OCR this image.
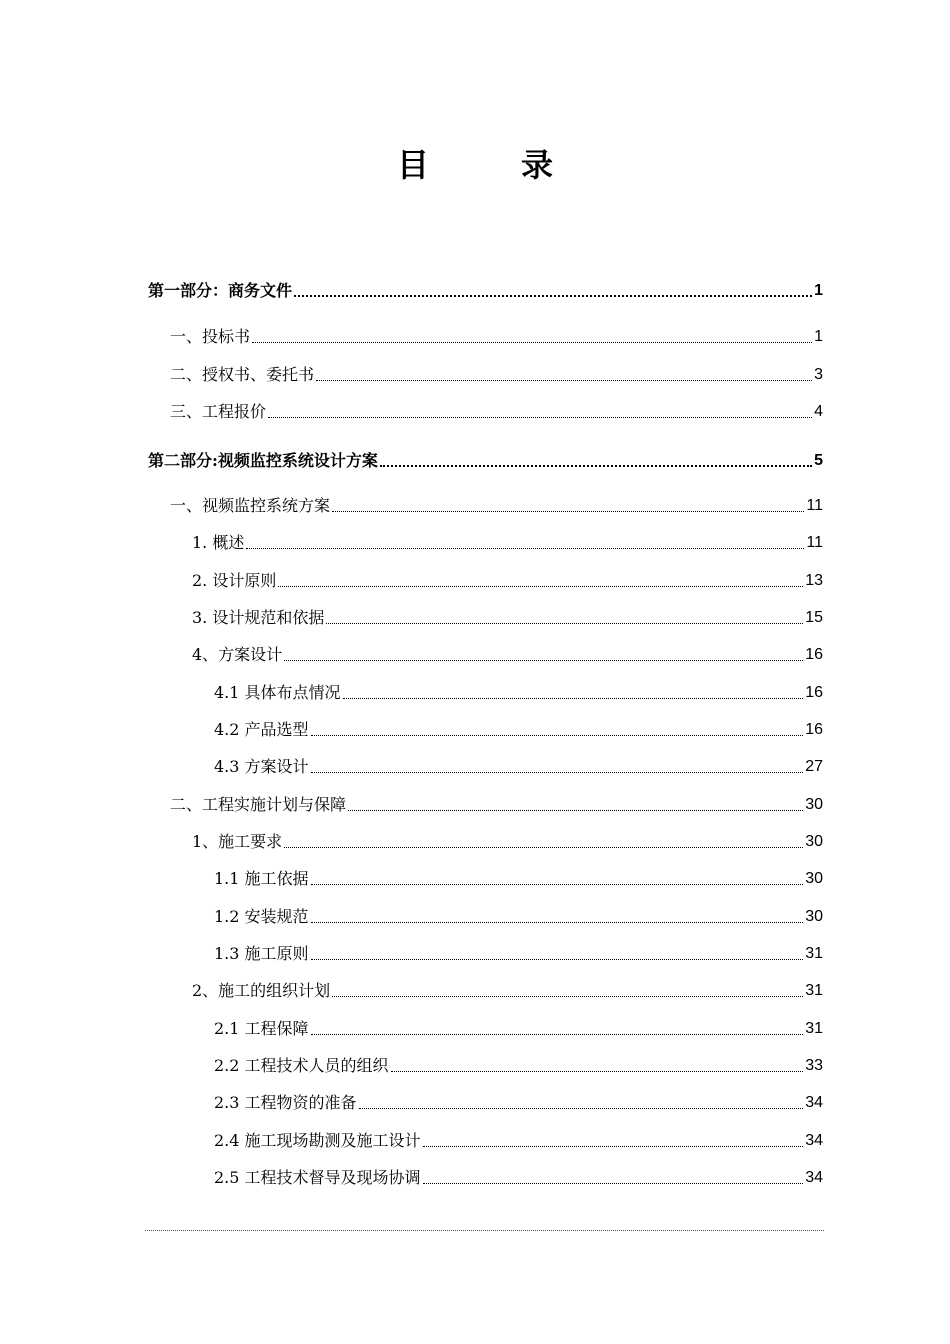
目　录
第一部分：商务文件	1
一、投标书	1
二、授权书、委托书	3
三、工程报价	4
第二部分:视频监控系统设计方案	5
一、视频监控系统方案	11
1. 概述	11
2. 设计原则	13
3. 设计规范和依据	15
4、方案设计	16
4.1 具体布点情况	16
4.2 产品选型	16
4.3 方案设计	27
二、工程实施计划与保障	30
1、施工要求	30
1.1 施工依据	30
1.2 安装规范	30
1.3 施工原则	31
2、施工的组织计划	31
2.1 工程保障	31
2.2 工程技术人员的组织	33
2.3 工程物资的准备	34
2.4 施工现场勘测及施工设计	34
2.5 工程技术督导及现场协调	34
